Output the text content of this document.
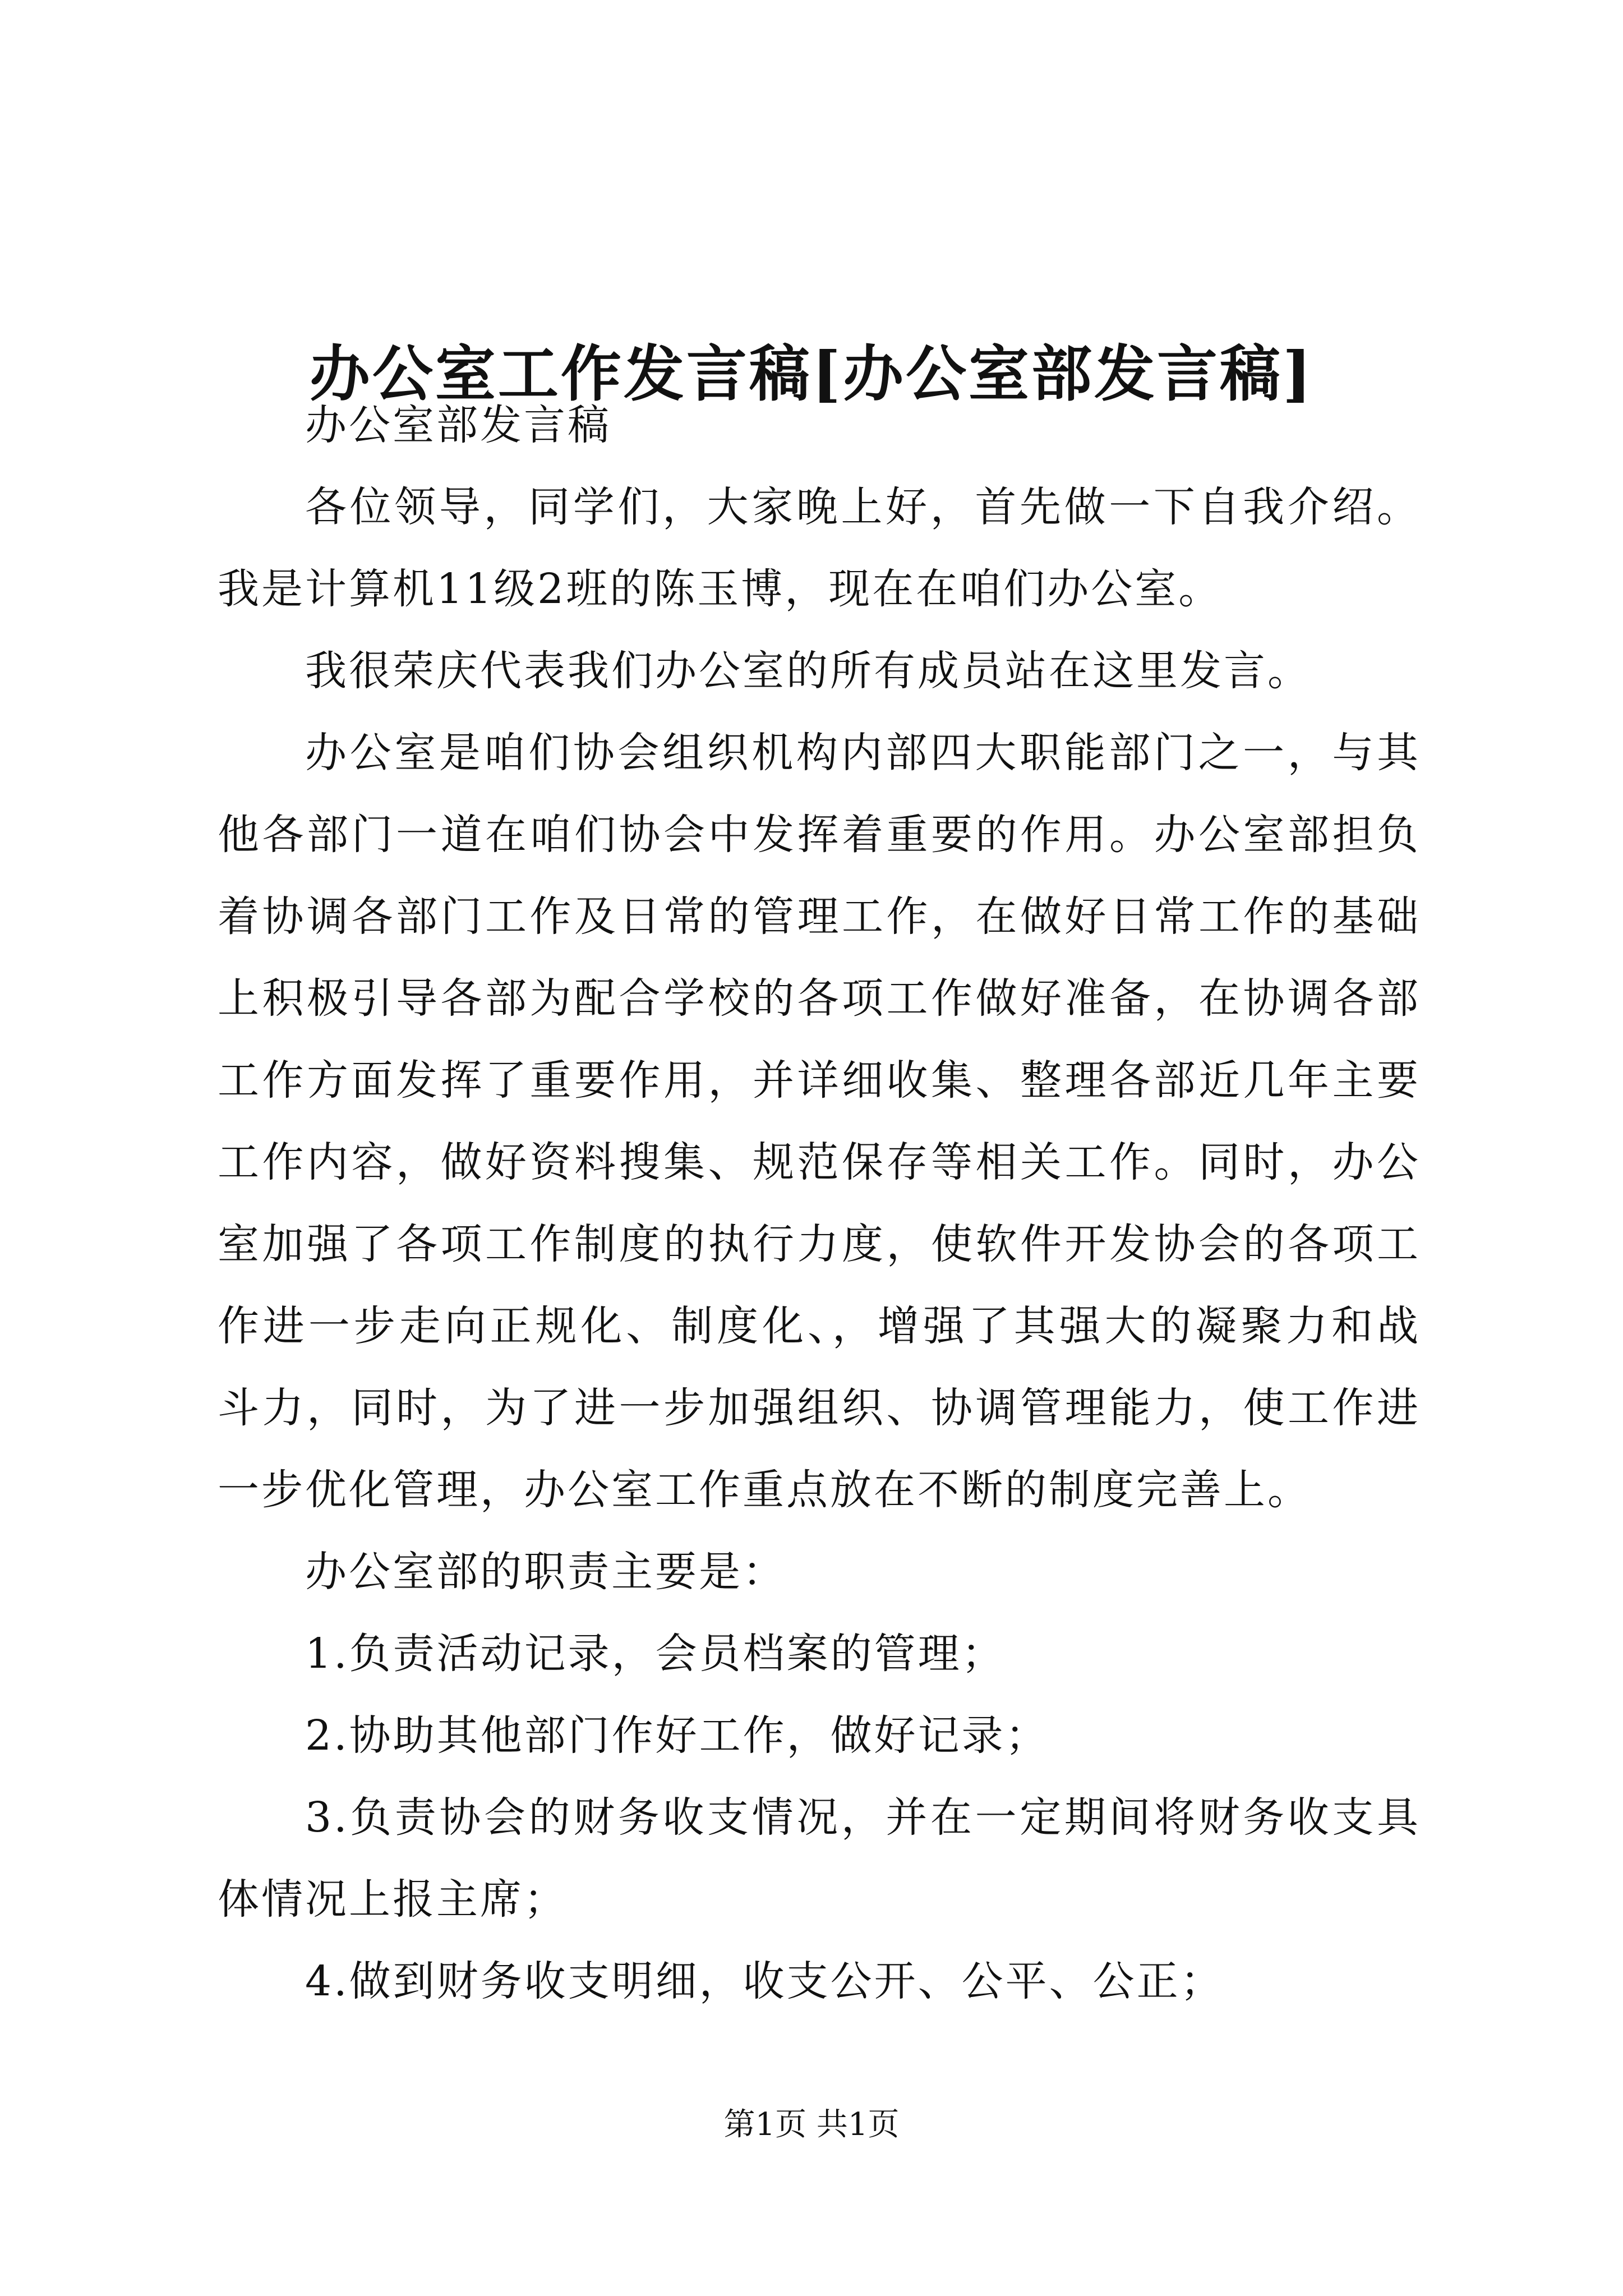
办公室工作发言稿[办公室部发言稿]

办公室部发言稿

各位领导，同学们，大家晚上好，首先做一下自我介绍。我是计算机11级2班的陈玉博，现在在咱们办公室。

我很荣庆代表我们办公室的所有成员站在这里发言。

办公室是咱们协会组织机构内部四大职能部门之一，与其他各部门一道在咱们协会中发挥着重要的作用。办公室部担负着协调各部门工作及日常的管理工作，在做好日常工作的基础上积极引导各部为配合学校的各项工作做好准备，在协调各部工作方面发挥了重要作用，并详细收集、整理各部近几年主要工作内容，做好资料搜集、规范保存等相关工作。同时，办公室加强了各项工作制度的执行力度，使软件开发协会的各项工作进一步走向正规化、制度化、，增强了其强大的凝聚力和战斗力，同时，为了进一步加强组织、协调管理能力，使工作进一步优化管理，办公室工作重点放在不断的制度完善上。

办公室部的职责主要是：

1.负责活动记录，会员档案的管理；

2.协助其他部门作好工作，做好记录；

3.负责协会的财务收支情况，并在一定期间将财务收支具体情况上报主席；

4.做到财务收支明细，收支公开、公平、公正；

第1页 共1页
